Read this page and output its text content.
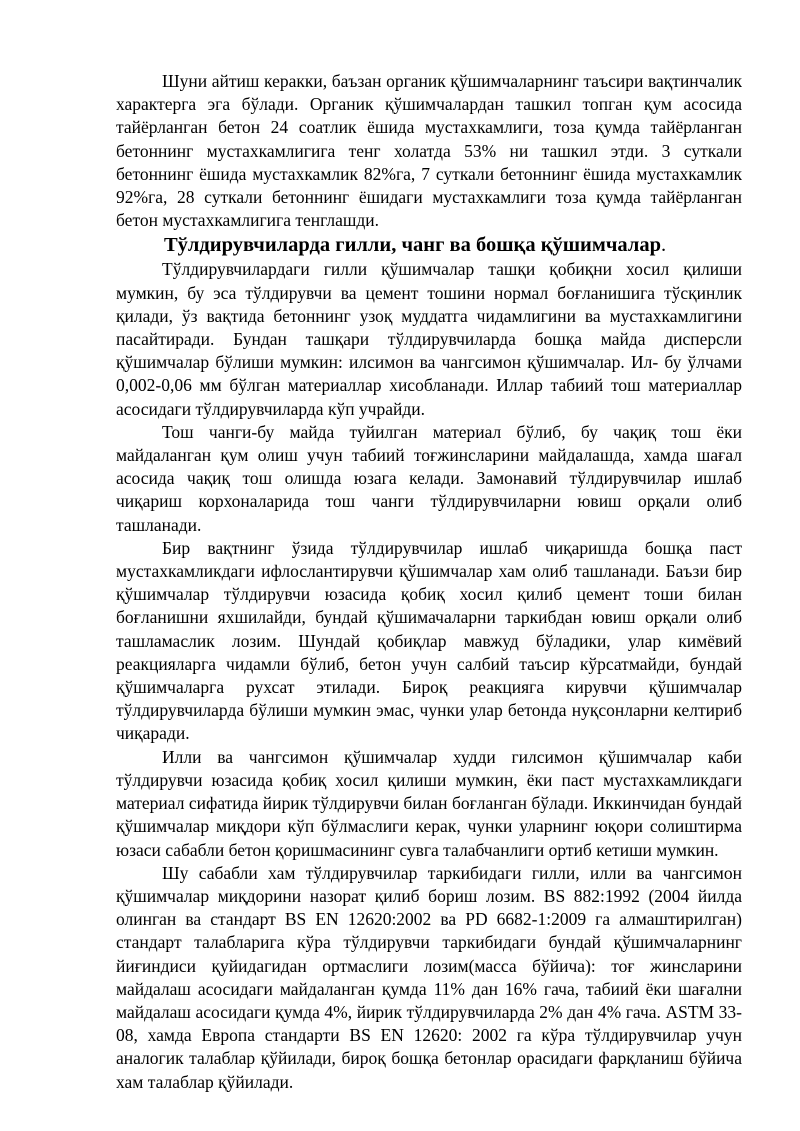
Шуни айтиш керакки, баъзан органик қўшимчаларнинг таъсири вақтинчалик характерга эга бўлади. Органик қўшимчалардан ташкил топган қум асосида тайёрланган бетон 24 соатлик ёшида мустахкамлиги, тоза қумда тайёрланган бетоннинг мустахкамлигига тенг холатда 53% ни ташкил этди. 3 суткали бетоннинг ёшида мустахкамлик 82%га, 7 суткали бетоннинг ёшида мустахкамлик 92%га, 28 суткали бетоннинг ёшидаги мустахкамлиги тоза қумда тайёрланган бетон мустахкамлигига тенглашди.

Тўлдирувчиларда гилли, чанг ва бошқа қўшимчалар.

Тўлдирувчилардаги гилли қўшимчалар ташқи қобиқни хосил қилиши мумкин, бу эса тўлдирувчи ва цемент тошини нормал боғланишига тўсқинлик қилади, ўз вақтида бетоннинг узоқ муддатга чидамлигини ва мустахкамлигини пасайтиради. Бундан ташқари тўлдирувчиларда бошқа майда дисперсли қўшимчалар бўлиши мумкин: илсимон ва чангсимон қўшимчалар. Ил- бу ўлчами 0,002-0,06 мм бўлган материаллар хисобланади. Иллар табиий тош материаллар асосидаги тўлдирувчиларда кўп учрайди.

Тош чанги-бу майда туйилган материал бўлиб, бу чақиқ тош ёки майдаланган қум олиш учун табиий тоғжинсларини майдалашда, хамда шағал асосида чақиқ тош олишда юзага келади. Замонавий тўлдирувчилар ишлаб чиқариш корхоналарида тош чанги тўлдирувчиларни ювиш орқали олиб ташланади.

Бир вақтнинг ўзида тўлдирувчилар ишлаб чиқаришда бошқа паст мустахкамликдаги ифлослантирувчи қўшимчалар хам олиб ташланади. Баъзи бир қўшимчалар тўлдирувчи юзасида қобиқ хосил қилиб цемент тоши билан боғланишни яхшилайди, бундай қўшимачаларни таркибдан ювиш орқали олиб ташламаслик лозим. Шундай қобиқлар мавжуд бўладики, улар кимёвий реакцияларга чидамли бўлиб, бетон учун салбий таъсир кўрсатмайди, бундай қўшимчаларга рухсат этилади. Бироқ реакцияга кирувчи қўшимчалар тўлдирувчиларда бўлиши мумкин эмас, чунки улар бетонда нуқсонларни келтириб чиқаради.

Илли ва чангсимон қўшимчалар худди гилсимон қўшимчалар каби тўлдирувчи юзасида қобиқ хосил қилиши мумкин, ёки паст мустахкамликдаги материал сифатида йирик тўлдирувчи билан боғланган бўлади. Иккинчидан бундай қўшимчалар миқдори кўп бўлмаслиги керак, чунки уларнинг юқори солиштирма юзаси сабабли бетон қоришмасининг сувга талабчанлиги ортиб кетиши мумкин.

Шу сабабли хам тўлдирувчилар таркибидаги гилли, илли ва чангсимон қўшимчалар миқдорини назорат қилиб бориш лозим. BS 882:1992 (2004 йилда олинган ва стандарт BS EN 12620:2002 ва PD 6682-1:2009 га алмаштирилган) стандарт талабларига кўра тўлдирувчи таркибидаги бундай қўшимчаларнинг йиғиндиси қуйидагидан ортмаслиги лозим(масса бўйича): тоғ жинсларини майдалаш асосидаги майдаланган қумда 11% дан 16% гача, табиий ёки шағални майдалаш асосидаги қумда 4%, йирик тўлдирувчиларда 2% дан 4% гача. ASTM 33-08, хамда Европа стандарти BS EN 12620: 2002 га кўра тўлдирувчилар учун аналогик талаблар қўйилади, бироқ бошқа бетонлар орасидаги фарқланиш бўйича хам талаблар қўйилади.
